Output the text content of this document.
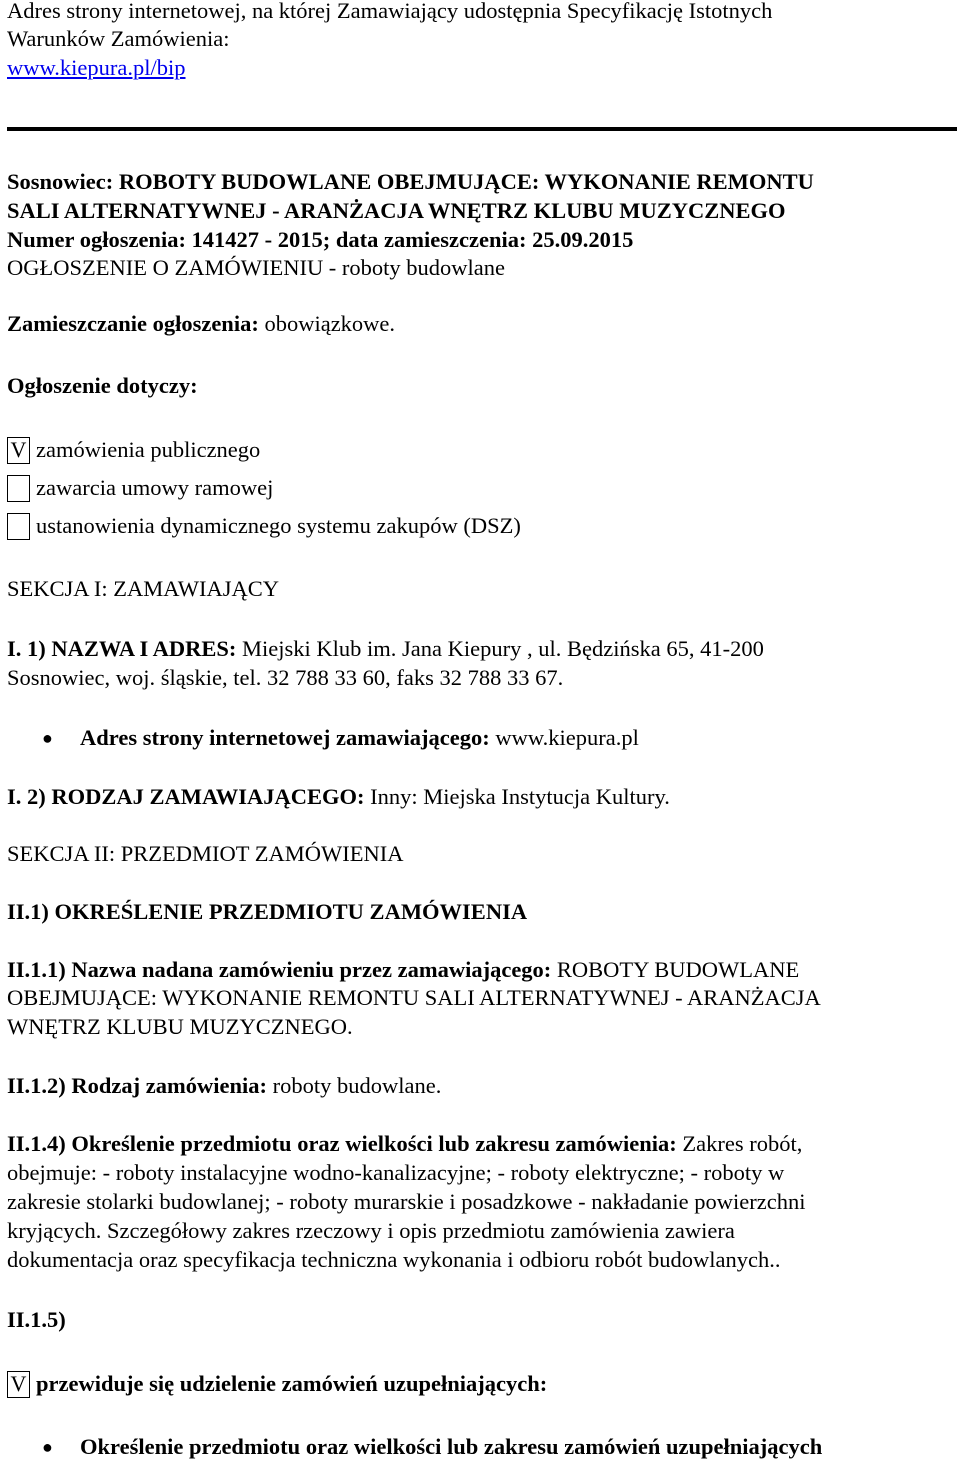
Adres strony internetowej, na której Zamawiający udostępnia Specyfikację Istotnych

Warunków Zamówienia:

www.kiepura.pl/bip

Sosnowiec: ROBOTY BUDOWLANE OBEJMUJĄCE: WYKONANIE REMONTU

SALI ALTERNATYWNEJ - ARANŻACJA WNĘTRZ KLUBU MUZYCZNEGO

Numer ogłoszenia: 141427 - 2015; data zamieszczenia: 25.09.2015

OGŁOSZENIE O ZAMÓWIENIU - roboty budowlane

Zamieszczanie ogłoszenia: obowiązkowe.

Ogłoszenie dotyczy:

V zamówienia publicznego
zawarcia umowy ramowej
ustanowienia dynamicznego systemu zakupów (DSZ)

SEKCJA I: ZAMAWIAJĄCY

I. 1) NAZWA I ADRES: Miejski Klub im. Jana Kiepury , ul. Będzińska 65, 41-200

Sosnowiec, woj. śląskie, tel. 32 788 33 60, faks 32 788 33 67.

●	Adres strony internetowej zamawiającego: www.kiepura.pl

I. 2) RODZAJ ZAMAWIAJĄCEGO: Inny: Miejska Instytucja Kultury.

SEKCJA II: PRZEDMIOT ZAMÓWIENIA

II.1) OKREŚLENIE PRZEDMIOTU ZAMÓWIENIA

II.1.1) Nazwa nadana zamówieniu przez zamawiającego: ROBOTY BUDOWLANE

OBEJMUJĄCE: WYKONANIE REMONTU SALI ALTERNATYWNEJ - ARANŻACJA

WNĘTRZ KLUBU MUZYCZNEGO.

II.1.2) Rodzaj zamówienia: roboty budowlane.

II.1.4) Określenie przedmiotu oraz wielkości lub zakresu zamówienia: Zakres robót,

obejmuje: - roboty instalacyjne wodno-kanalizacyjne; - roboty elektryczne; - roboty w

zakresie stolarki budowlanej; - roboty murarskie i posadzkowe - nakładanie powierzchni

kryjących. Szczegółowy zakres rzeczowy i opis przedmiotu zamówienia zawiera

dokumentacja oraz specyfikacja techniczna wykonania i odbioru robót budowlanych..

II.1.5)

V przewiduje się udzielenie zamówień uzupełniających:
●	Określenie przedmiotu oraz wielkości lub zakresu zamówień uzupełniających
